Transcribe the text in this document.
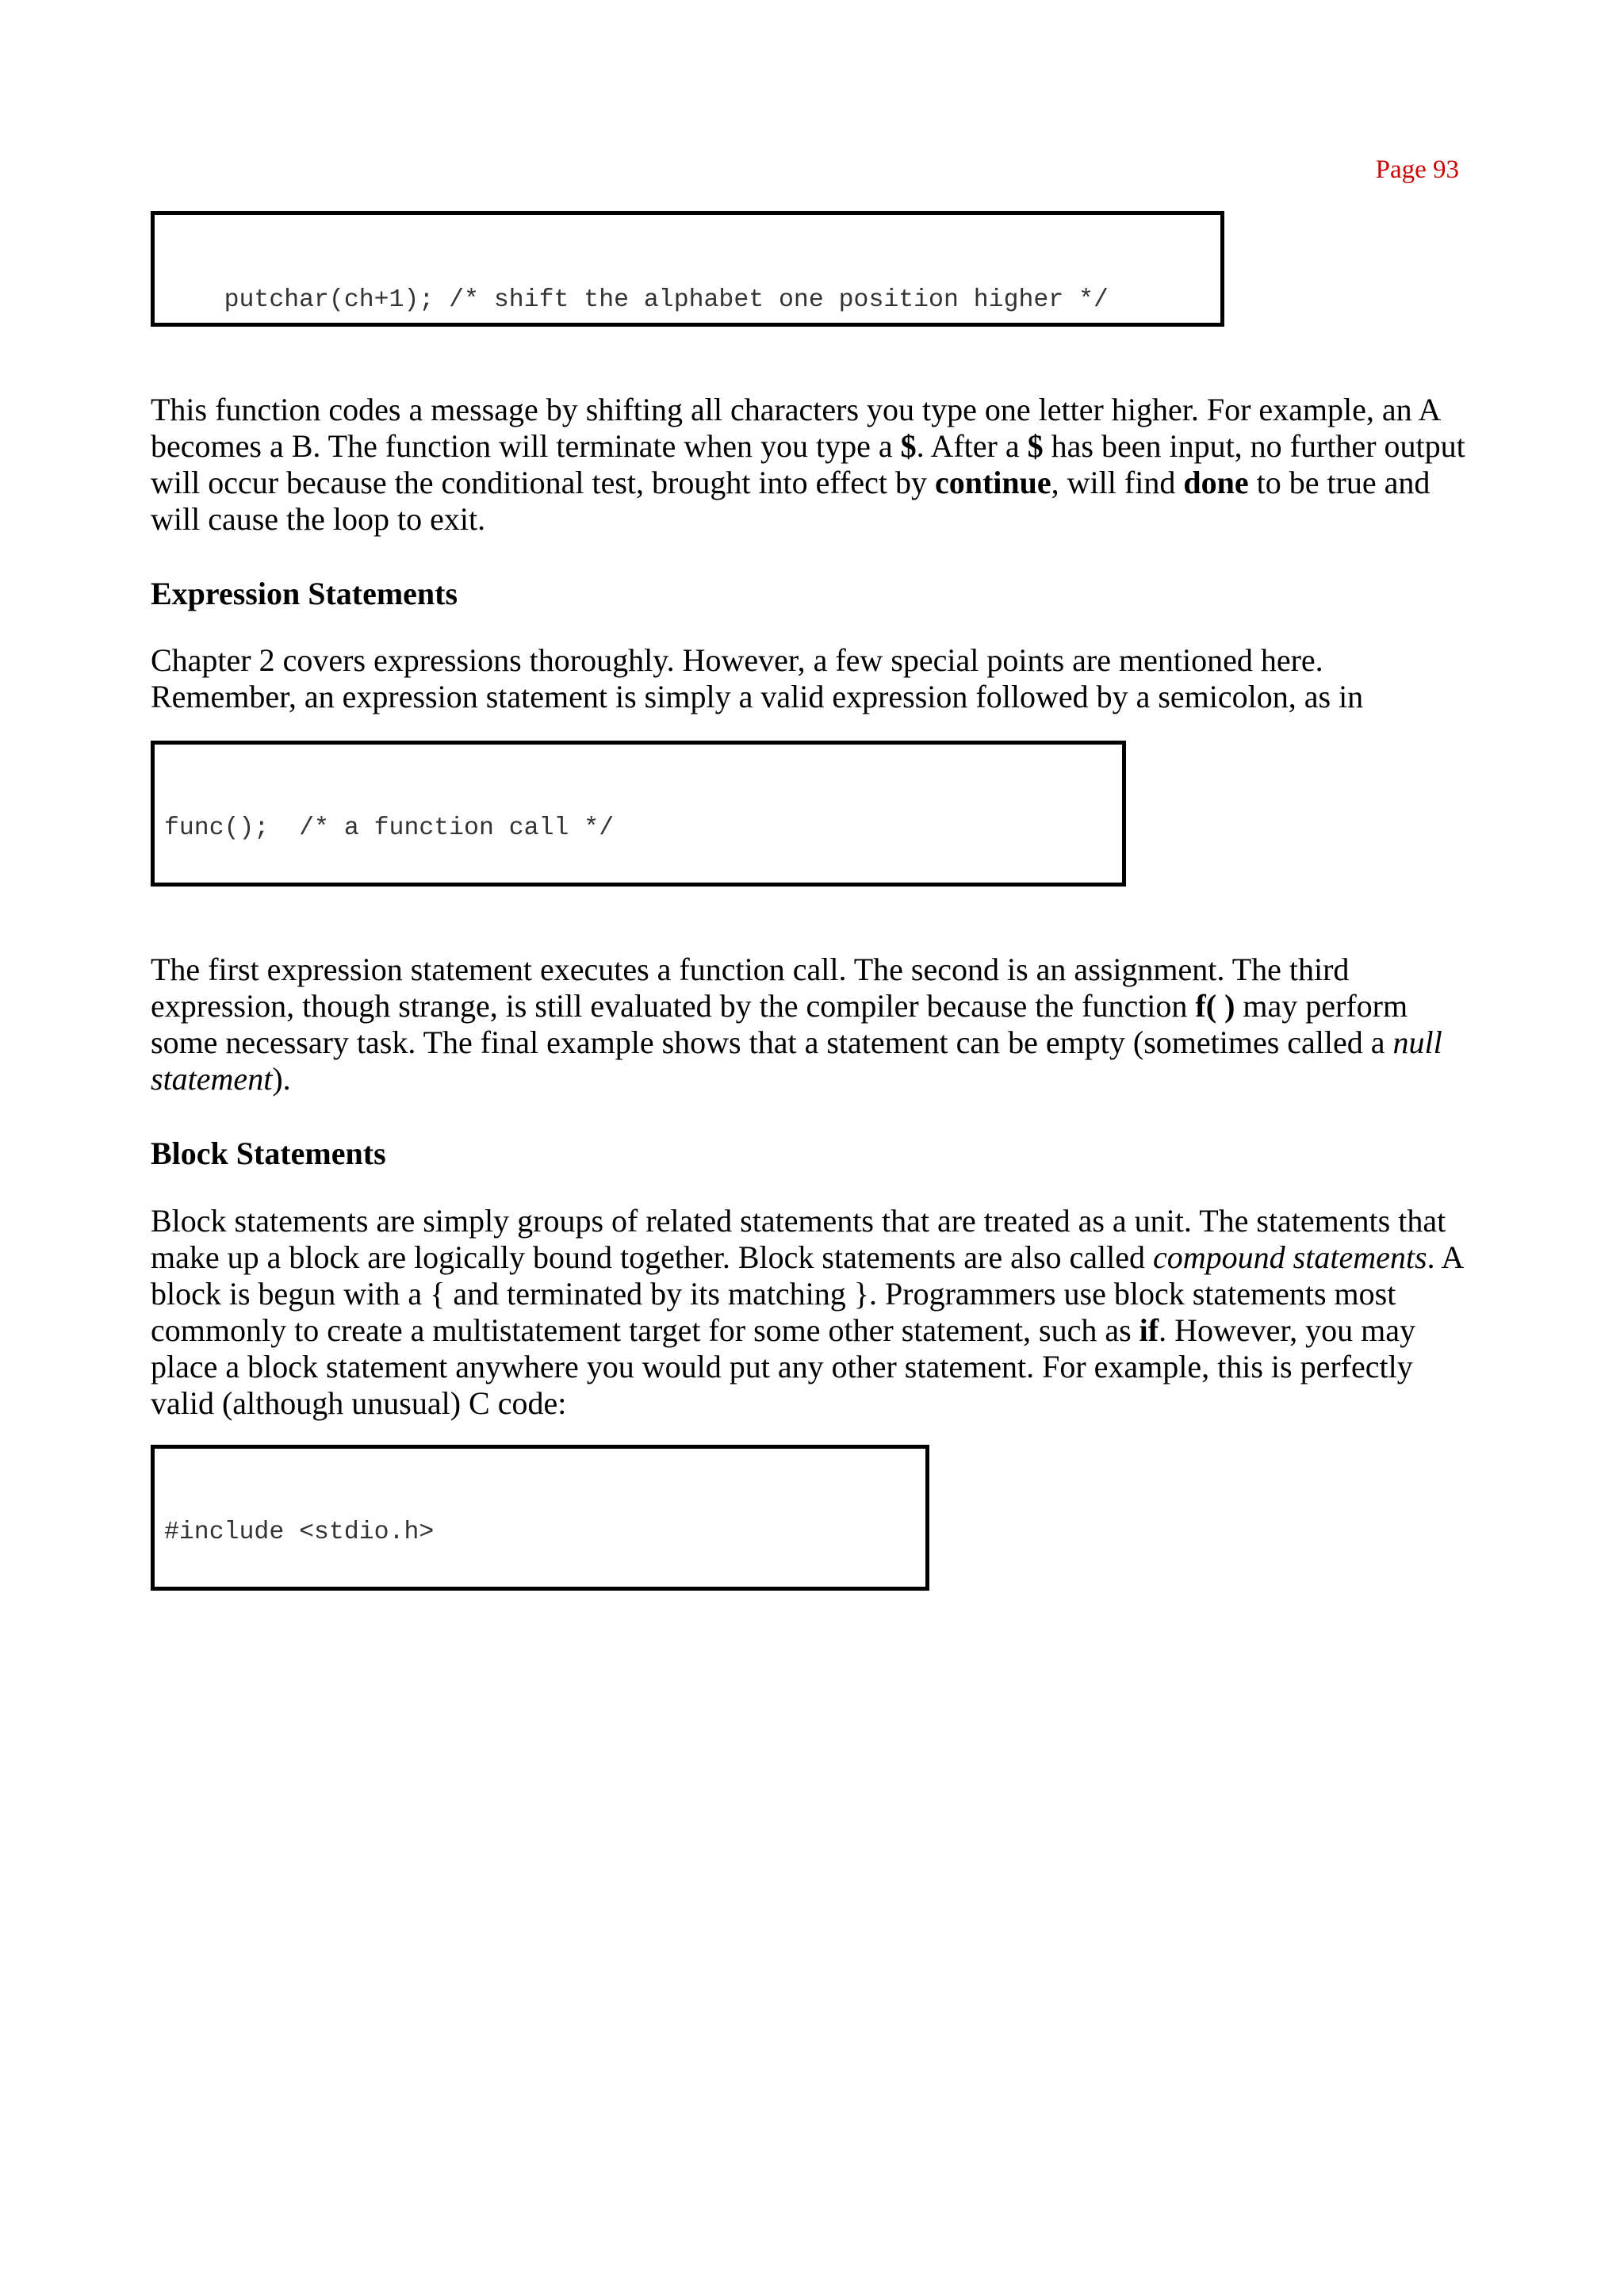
Page 93

putchar(ch+1); /* shift the alphabet one position higher */

This function codes a message by shifting all characters you type one letter higher. For example, an A becomes a B. The function will terminate when you type a $. After a $ has been input, no further output will occur because the conditional test, brought into effect by continue, will find done to be true and will cause the loop to exit.

Expression Statements

Chapter 2 covers expressions thoroughly. However, a few special points are mentioned here. Remember, an expression statement is simply a valid expression followed by a semicolon, as in

func();  /* a function call */

The first expression statement executes a function call. The second is an assignment. The third expression, though strange, is still evaluated by the compiler because the function f( ) may perform some necessary task. The final example shows that a statement can be empty (sometimes called a null statement).

Block Statements

Block statements are simply groups of related statements that are treated as a unit. The statements that make up a block are logically bound together. Block statements are also called compound statements. A block is begun with a { and terminated by its matching }. Programmers use block statements most commonly to create a multistatement target for some other statement, such as if. However, you may place a block statement anywhere you would put any other statement. For example, this is perfectly valid (although unusual) C code:

#include <stdio.h>
